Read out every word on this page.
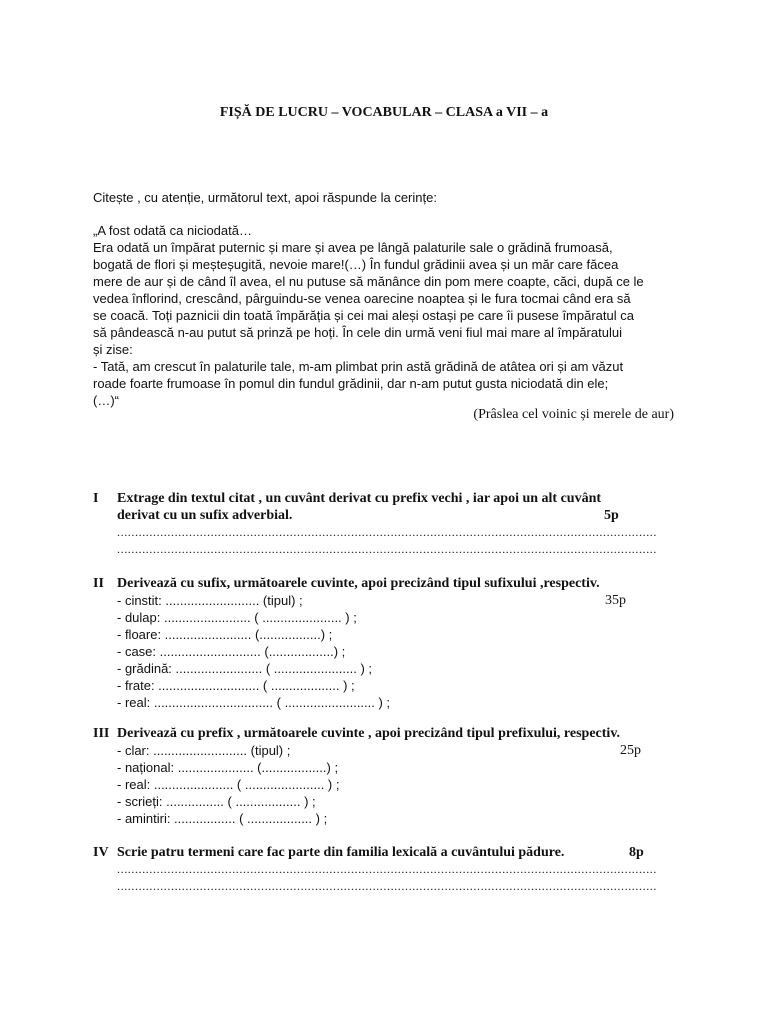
FIȘĂ DE LUCRU – VOCABULAR – CLASA a VII – a
Citește , cu atenție, următorul text, apoi răspunde la cerințe:
„A fost odată ca niciodată…
Era odată un împărat puternic și mare și avea pe lângă palaturile sale o grădină frumoasă,
bogată de flori și meșteșugită, nevoie mare!(…) În fundul grădinii avea și un măr care făcea
mere de aur și de când îl avea, el nu putuse să mănânce din pom mere coapte, căci, după ce le
vedea înflorind, crescând, pârguindu-se venea oarecine noaptea și le fura tocmai când era să
se coacă. Toți paznicii din toată împărăția și cei mai aleși ostași pe care îi pusese împăratul ca
să pândească n-au putut să prinză pe hoți. În cele din urmă veni fiul mai mare al împăratului
și zise:
- Tată, am crescut în palaturile tale, m-am plimbat prin astă grădină de atâtea ori și am văzut
roade foarte frumoase în pomul din fundul grădinii, dar n-am putut gusta niciodată din ele;
(…)“
(Prâslea cel voinic și merele de aur)
I Extrage din textul citat , un cuvânt derivat cu prefix vechi , iar apoi un alt cuvânt
derivat cu un sufix adverbial.	5p
......................................................................................................................................................
......................................................................................................................................................
II Derivează cu sufix, următoarele cuvinte, apoi precizând tipul sufixului ,respectiv.
35p
- cinstit: .......................... (tipul) ;
- dulap: ........................ ( ...................... ) ;
- floare: ........................ (.................) ;
- case: ............................ (..................) ;
- grădină: ........................ ( ....................... ) ;
- frate: ............................ ( ................... ) ;
- real: ................................. ( ......................... ) ;
III Derivează cu prefix , următoarele cuvinte , apoi precizând tipul prefixului, respectiv.
25p
- clar: .......................... (tipul) ;
- național: ..................... (..................) ;
- real: ...................... ( ...................... ) ;
- scrieți: ................ ( .................. ) ;
- amintiri: ................. ( .................. ) ;
IV Scrie patru termeni care fac parte din familia lexicală a cuvântului pădure.	8p
......................................................................................................................................................
......................................................................................................................................................
